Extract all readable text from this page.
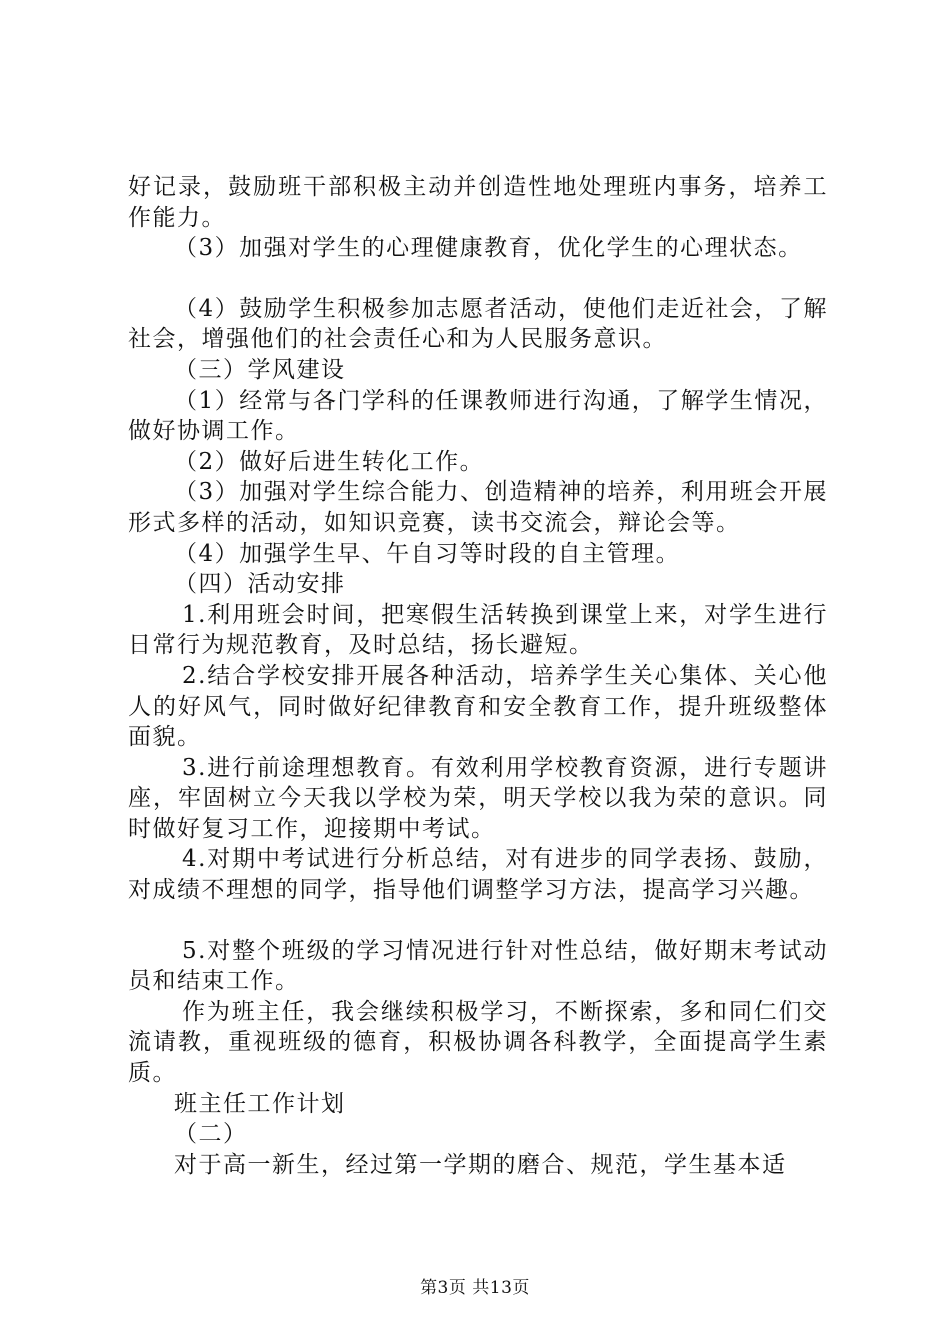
好记录，鼓励班干部积极主动并创造性地处理班内事务，培养工作能力。

（3）加强对学生的心理健康教育，优化学生的心理状态。

（4）鼓励学生积极参加志愿者活动，使他们走近社会，了解社会，增强他们的社会责任心和为人民服务意识。

（三）学风建设

（1）经常与各门学科的任课教师进行沟通，了解学生情况，做好协调工作。

（2）做好后进生转化工作。

（3）加强对学生综合能力、创造精神的培养，利用班会开展形式多样的活动，如知识竞赛，读书交流会，辩论会等。

（4）加强学生早、午自习等时段的自主管理。

（四）活动安排

1.利用班会时间，把寒假生活转换到课堂上来，对学生进行日常行为规范教育，及时总结，扬长避短。

2.结合学校安排开展各种活动，培养学生关心集体、关心他人的好风气，同时做好纪律教育和安全教育工作，提升班级整体面貌。

3.进行前途理想教育。有效利用学校教育资源，进行专题讲座，牢固树立今天我以学校为荣，明天学校以我为荣的意识。同时做好复习工作，迎接期中考试。

4.对期中考试进行分析总结，对有进步的同学表扬、鼓励，对成绩不理想的同学，指导他们调整学习方法，提高学习兴趣。

5.对整个班级的学习情况进行针对性总结，做好期末考试动员和结束工作。

作为班主任，我会继续积极学习，不断探索，多和同仁们交流请教，重视班级的德育，积极协调各科教学，全面提高学生素质。

班主任工作计划

（二）

对于高一新生，经过第一学期的磨合、规范，学生基本适

第3页 共13页
